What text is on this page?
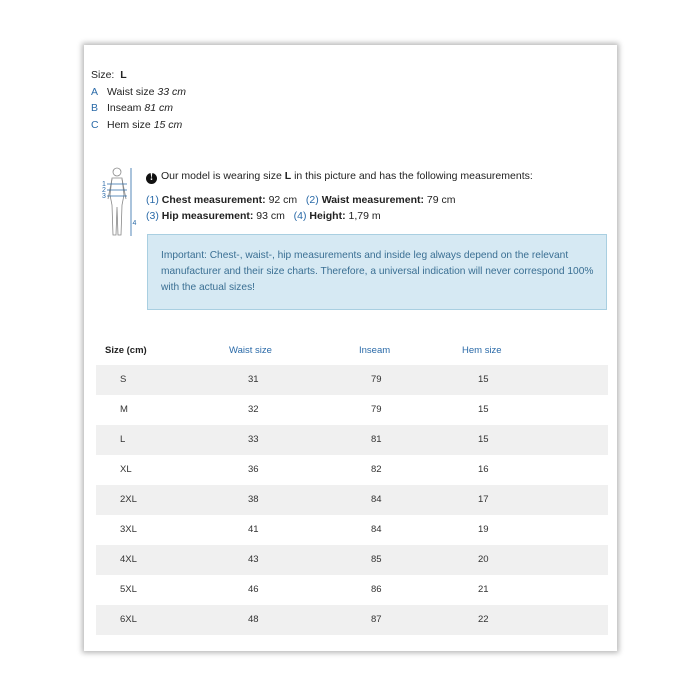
Size: L
A Waist size 33 cm
B Inseam 81 cm
C Hem size 15 cm
1
2
3
4
! Our model is wearing size L in this picture and has the following measurements:
(1) Chest measurement: 92 cm (2) Waist measurement: 79 cm
(3) Hip measurement: 93 cm (4) Height: 1,79 m
Important: Chest-, waist-, hip measurements and inside leg always depend on the relevant manufacturer and their size charts. Therefore, a universal indication will never correspond 100% with the actual sizes!
Size (cm)	Waist size	Inseam	Hem size
S	31	79	15
M	32	79	15
L	33	81	15
XL	36	82	16
2XL	38	84	17
3XL	41	84	19
4XL	43	85	20
5XL	46	86	21
6XL	48	87	22
